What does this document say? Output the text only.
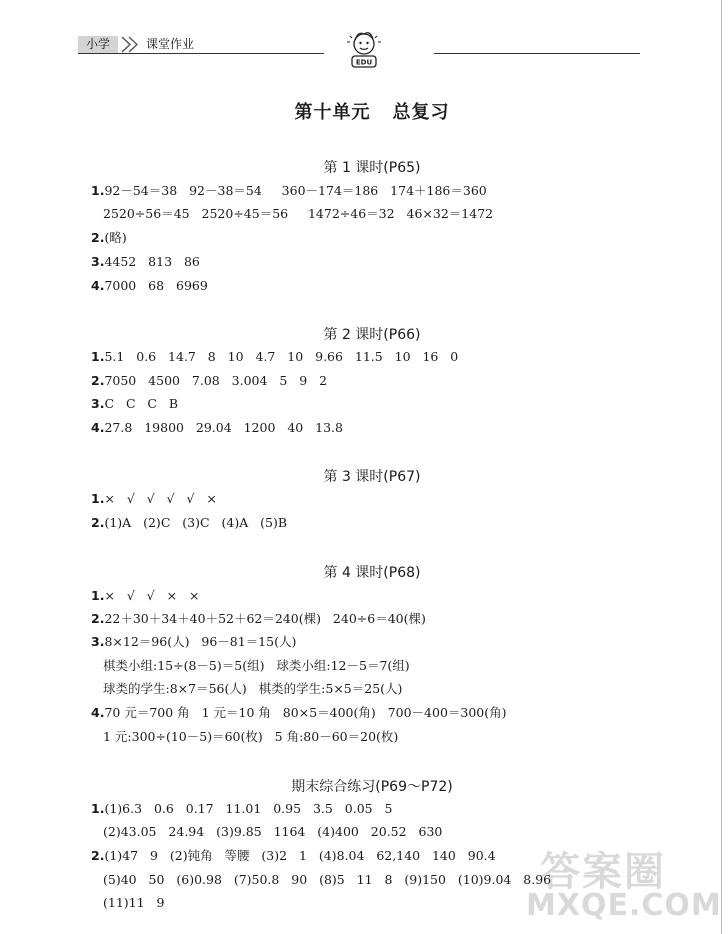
小学	课堂作业
EDU
第十单元 总复习
第 1 课时(P65)
1.92－54＝38   92－38＝54     360－174＝186   174＋186＝360
2520÷56＝45   2520÷45＝56     1472÷46＝32   46×32＝1472
2.(略)
3.4452   813   86
4.7000   68   6969
第 2 课时(P66)
1.5.1   0.6   14.7   8   10   4.7   10   9.66   11.5   10   16   0
2.7050   4500   7.08   3.004   5   9   2
3.C   C   C   B
4.27.8   19800   29.04   1200   40   13.8
第 3 课时(P67)
1.×   √   √   √   √   ×
2.(1)A   (2)C   (3)C   (4)A   (5)B
第 4 课时(P68)
1.×   √   √   ×   ×
2.22＋30＋34＋40＋52＋62＝240(棵)   240÷6＝40(棵)
3.8×12＝96(人)   96－81＝15(人)
棋类小组:15÷(8－5)＝5(组)   球类小组:12－5＝7(组)
球类的学生:8×7＝56(人)   棋类的学生:5×5＝25(人)
4.70 元＝700 角   1 元＝10 角   80×5＝400(角)   700－400＝300(角)
1 元:300÷(10－5)＝60(枚)   5 角:80－60＝20(枚)
期末综合练习(P69～P72)
1.(1)6.3   0.6   0.17   11.01   0.95   3.5   0.05   5
(2)43.05   24.94   (3)9.85   1164   (4)400   20.52   630
2.(1)47   9   (2)钝角   等腰   (3)2   1   (4)8.04   62,140   140   90.4
(5)40   50   (6)0.98   (7)50.8   90   (8)5   11   8   (9)150   (10)9.04   8.96
(11)11   9
答案圈
MXQE.COM
